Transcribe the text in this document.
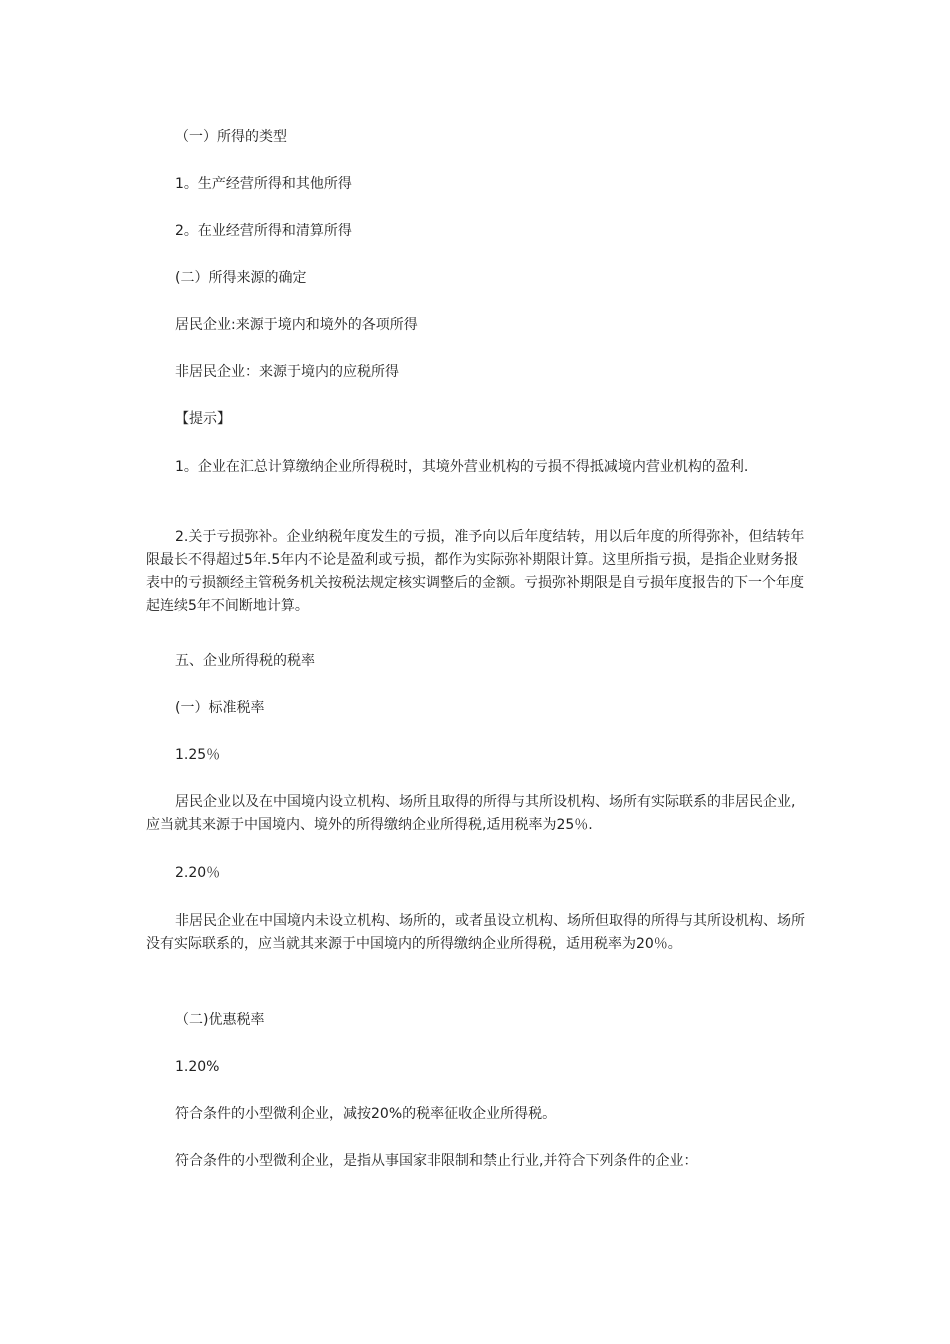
（一）所得的类型

1。生产经营所得和其他所得

2。在业经营所得和清算所得

(二）所得来源的确定

居民企业:来源于境内和境外的各项所得

非居民企业：来源于境内的应税所得

【提示】

1。企业在汇总计算缴纳企业所得税时，其境外营业机构的亏损不得抵减境内营业机构的盈利.

2.关于亏损弥补。企业纳税年度发生的亏损，准予向以后年度结转，用以后年度的所得弥补，但结转年限最长不得超过5年.5年内不论是盈利或亏损，都作为实际弥补期限计算。这里所指亏损，是指企业财务报表中的亏损额经主管税务机关按税法规定核实调整后的金额。亏损弥补期限是自亏损年度报告的下一个年度起连续5年不间断地计算。

五、企业所得税的税率

(一）标准税率

1.25％

居民企业以及在中国境内设立机构、场所且取得的所得与其所设机构、场所有实际联系的非居民企业,应当就其来源于中国境内、境外的所得缴纳企业所得税,适用税率为25％.

2.20％

非居民企业在中国境内未设立机构、场所的，或者虽设立机构、场所但取得的所得与其所设机构、场所没有实际联系的，应当就其来源于中国境内的所得缴纳企业所得税，适用税率为20％。

（二)优惠税率

1.20%

符合条件的小型微利企业，减按20%的税率征收企业所得税。

符合条件的小型微利企业，是指从事国家非限制和禁止行业,并符合下列条件的企业：
